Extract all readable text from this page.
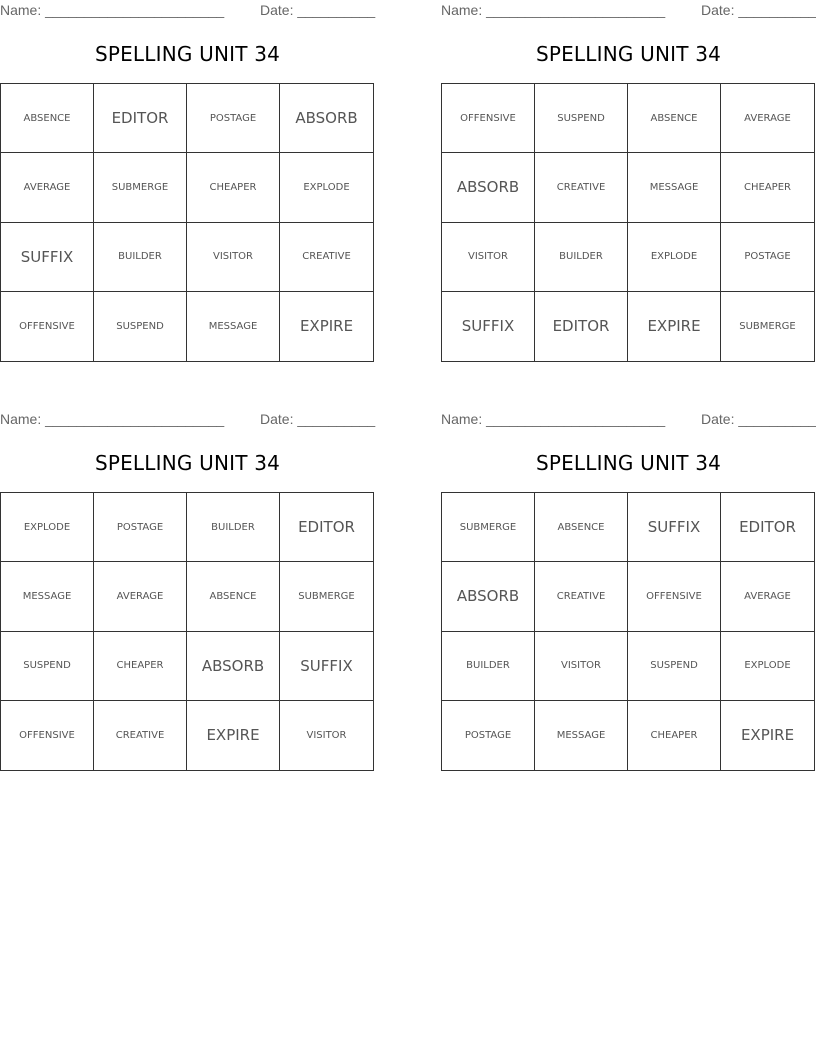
Name: _______________________	Date: __________
SPELLING UNIT 34
ABSENCE	EDITOR	POSTAGE	ABSORB
AVERAGE	SUBMERGE	CHEAPER	EXPLODE
SUFFIX	BUILDER	VISITOR	CREATIVE
OFFENSIVE	SUSPEND	MESSAGE	EXPIRE
Name: _______________________	Date: __________
SPELLING UNIT 34
OFFENSIVE	SUSPEND	ABSENCE	AVERAGE
ABSORB	CREATIVE	MESSAGE	CHEAPER
VISITOR	BUILDER	EXPLODE	POSTAGE
SUFFIX	EDITOR	EXPIRE	SUBMERGE
Name: _______________________	Date: __________
SPELLING UNIT 34
EXPLODE	POSTAGE	BUILDER	EDITOR
MESSAGE	AVERAGE	ABSENCE	SUBMERGE
SUSPEND	CHEAPER	ABSORB	SUFFIX
OFFENSIVE	CREATIVE	EXPIRE	VISITOR
Name: _______________________	Date: __________
SPELLING UNIT 34
SUBMERGE	ABSENCE	SUFFIX	EDITOR
ABSORB	CREATIVE	OFFENSIVE	AVERAGE
BUILDER	VISITOR	SUSPEND	EXPLODE
POSTAGE	MESSAGE	CHEAPER	EXPIRE
